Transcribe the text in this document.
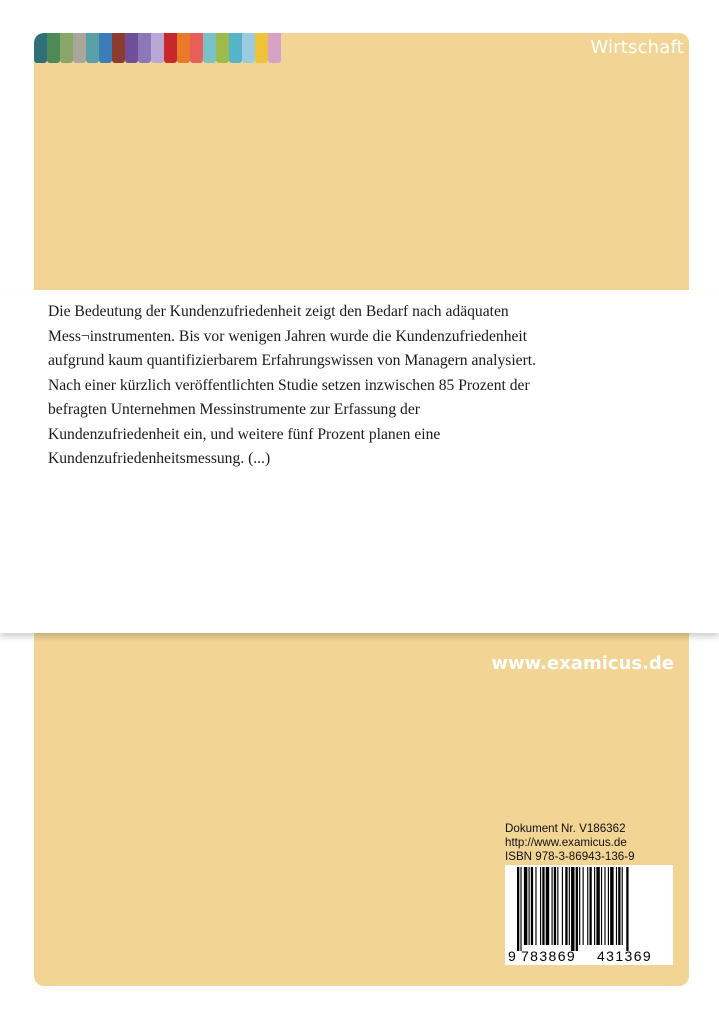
Wirtschaft

Die Bedeutung der Kundenzufriedenheit zeigt den Bedarf nach adäquaten
Mess¬instrumenten. Bis vor wenigen Jahren wurde die Kundenzufriedenheit
aufgrund kaum quantifizierbarem Erfahrungswissen von Managern analysiert.
Nach einer kürzlich veröffentlichten Studie setzen inzwischen 85 Prozent der
befragten Unternehmen Messinstrumente zur Erfassung der
Kundenzufriedenheit ein, und weitere fünf Prozent planen eine
Kundenzufriedenheitsmessung. (...)

www.examicus.de
Dokument Nr. V186362
http://www.examicus.de
ISBN 978-3-86943-136-9
9 783869 431369
